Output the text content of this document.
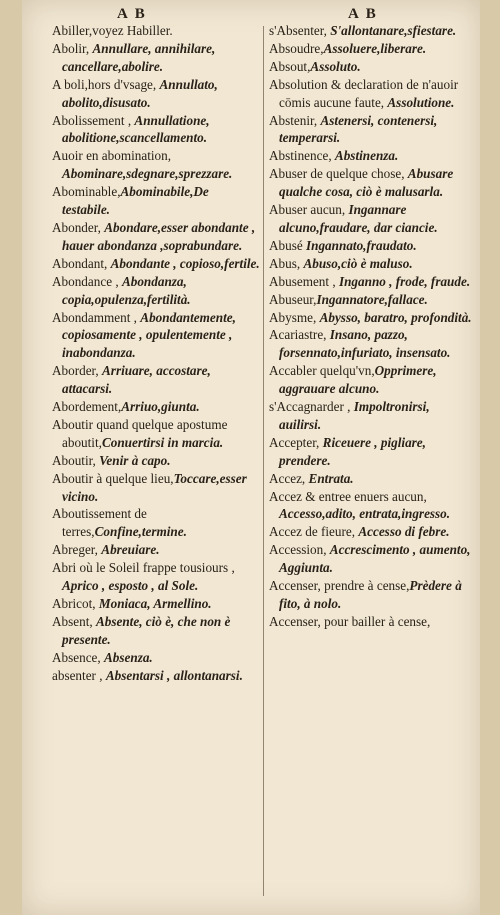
A B	A B

Abiller,voyez Habiller.

Abolir, Annullare, annihilare, cancellare,abolire.

A boli,hors d'vsage, Annullato, abolito,disusato.

Abolissement , Annullatione, abolitione,scancellamento.

Auoir en abomination, Abominare,sdegnare,sprezzare.

Abominable,Abominabile,De testabile.

Abonder, Abondare,esser abondante , hauer abondanza ,soprabundare.

Abondant, Abondante , copioso,fertile.

Abondance , Abondanza, copia,opulenza,fertilità.

Abondamment , Abondantemente, copiosamente , opulentemente , inabondanza.

Aborder, Arriuare, accostare, attacarsi.

Abordement,Arriuo,giunta.

Aboutir quand quelque apostume aboutit,Conuertirsi in marcia.

Aboutir, Venir à capo.

Aboutir à quelque lieu,Toccare,esser vicino.

Aboutissement de terres,Confine,termine.

Abreger, Abreuiare.

Abri où le Soleil frappe tousiours , Aprico , esposto , al Sole.

Abricot, Moniaca, Armellino.

Absent, Absente, ciò è, che non è presente.

Absence, Absenza.

absenter , Absentarsi , allontanarsi.

s'Absenter, S'allontanare,sfiestare.

Absoudre,Assoluere,liberare.

Absout,Assoluto.

Absolution & declaration de n'auoir cōmis aucune faute, Assolutione.

Abstenir, Astenersi, contenersi, temperarsi.

Abstinence, Abstinenza.

Abuser de quelque chose, Abusare qualche cosa, ciò è malusarla.

Abuser aucun, Ingannare alcuno,fraudare, dar ciancie.

Abusé Ingannato,fraudato.

Abus, Abuso,ciò è maluso.

Abusement , Inganno , frode, fraude.

Abuseur,Ingannatore,fallace.

Abysme, Abysso, baratro, profondità.

Acariastre, Insano, pazzo, forsennato,infuriato, insensato.

Accabler quelqu'vn,Opprimere, aggrauare alcuno.

s'Accagnarder , Impoltronirsi, auilirsi.

Accepter, Riceuere , pigliare, prendere.

Accez, Entrata.

Accez & entree enuers aucun, Accesso,adito, entrata,ingresso.

Accez de fieure, Accesso di febre.

Accession, Accrescimento , aumento, Aggiunta.

Accenser, prendre à cense,Prèdere à fito, à nolo.

Accenser, pour bailler à cense,
